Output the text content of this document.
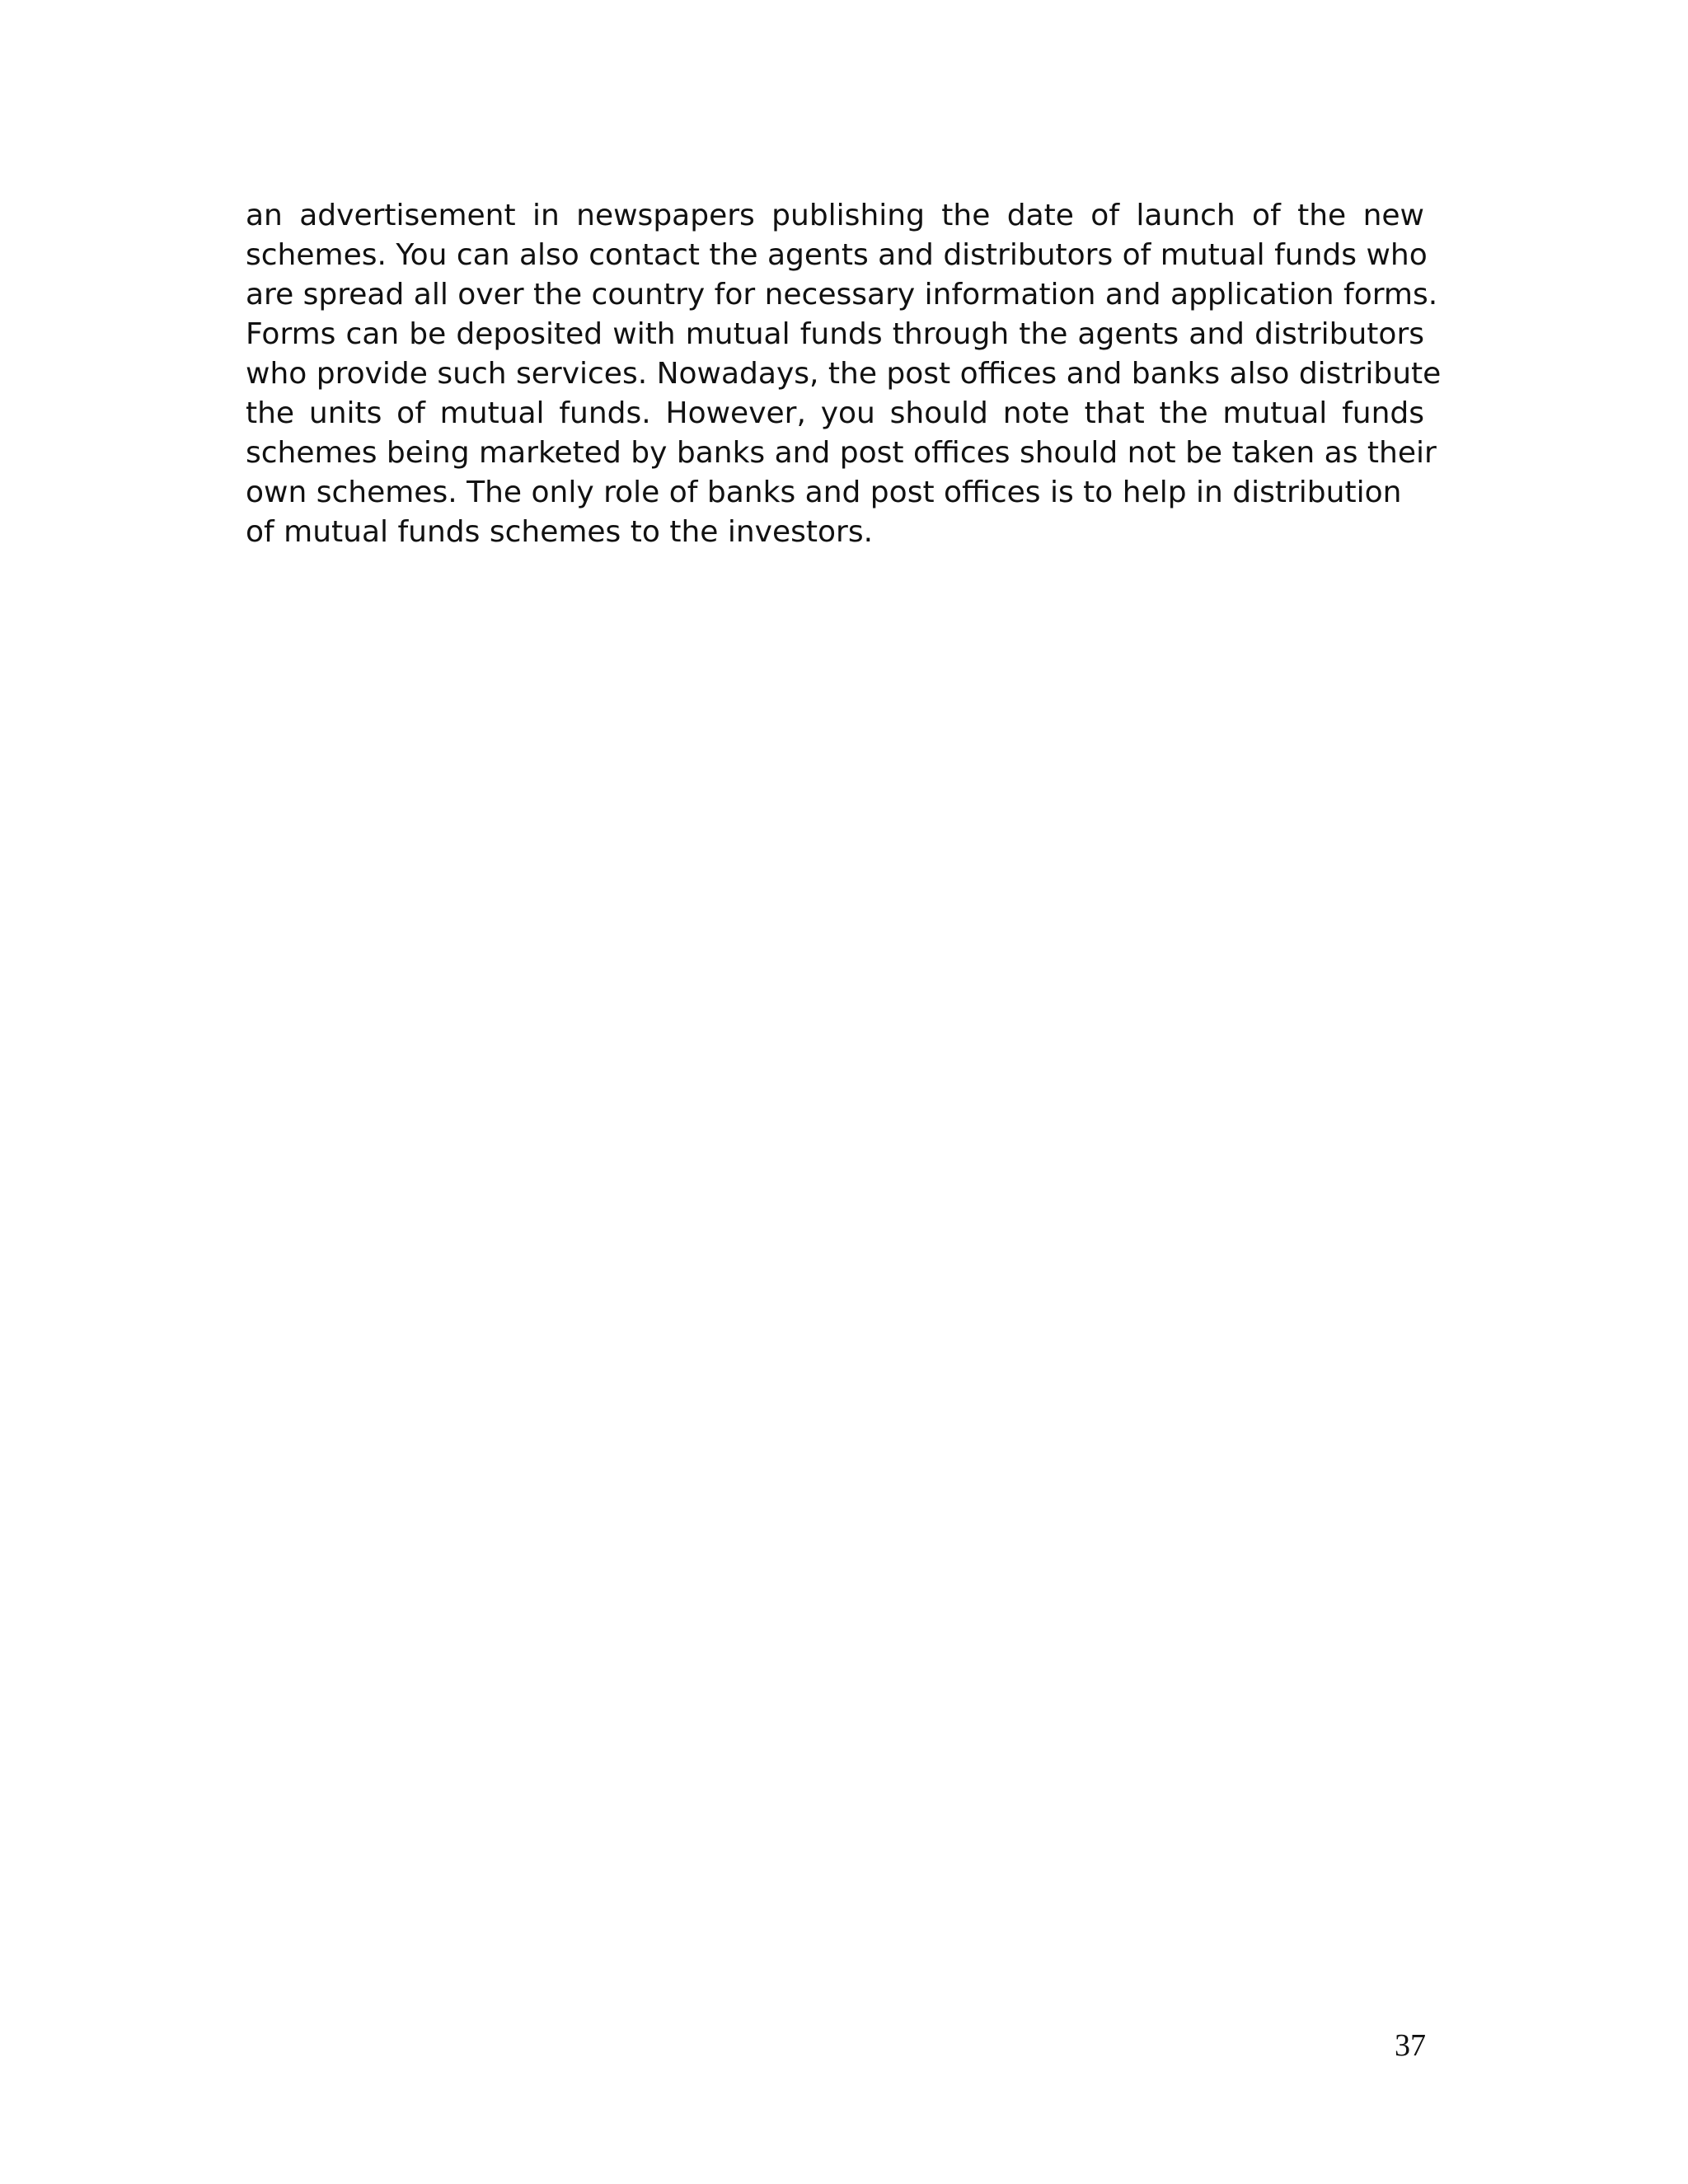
an advertisement in newspapers publishing the date of launch of the new
schemes. You can also contact the agents and distributors of mutual funds who
are spread all over the country for necessary information and application forms.
Forms can be deposited with mutual funds through the agents and distributors
who provide such services. Nowadays, the post offices and banks also distribute
the units of mutual funds. However, you should note that the mutual funds
schemes being marketed by banks and post offices should not be taken as their
own schemes. The only role of banks and post offices is to help in distribution
of mutual funds schemes to the investors.
37
